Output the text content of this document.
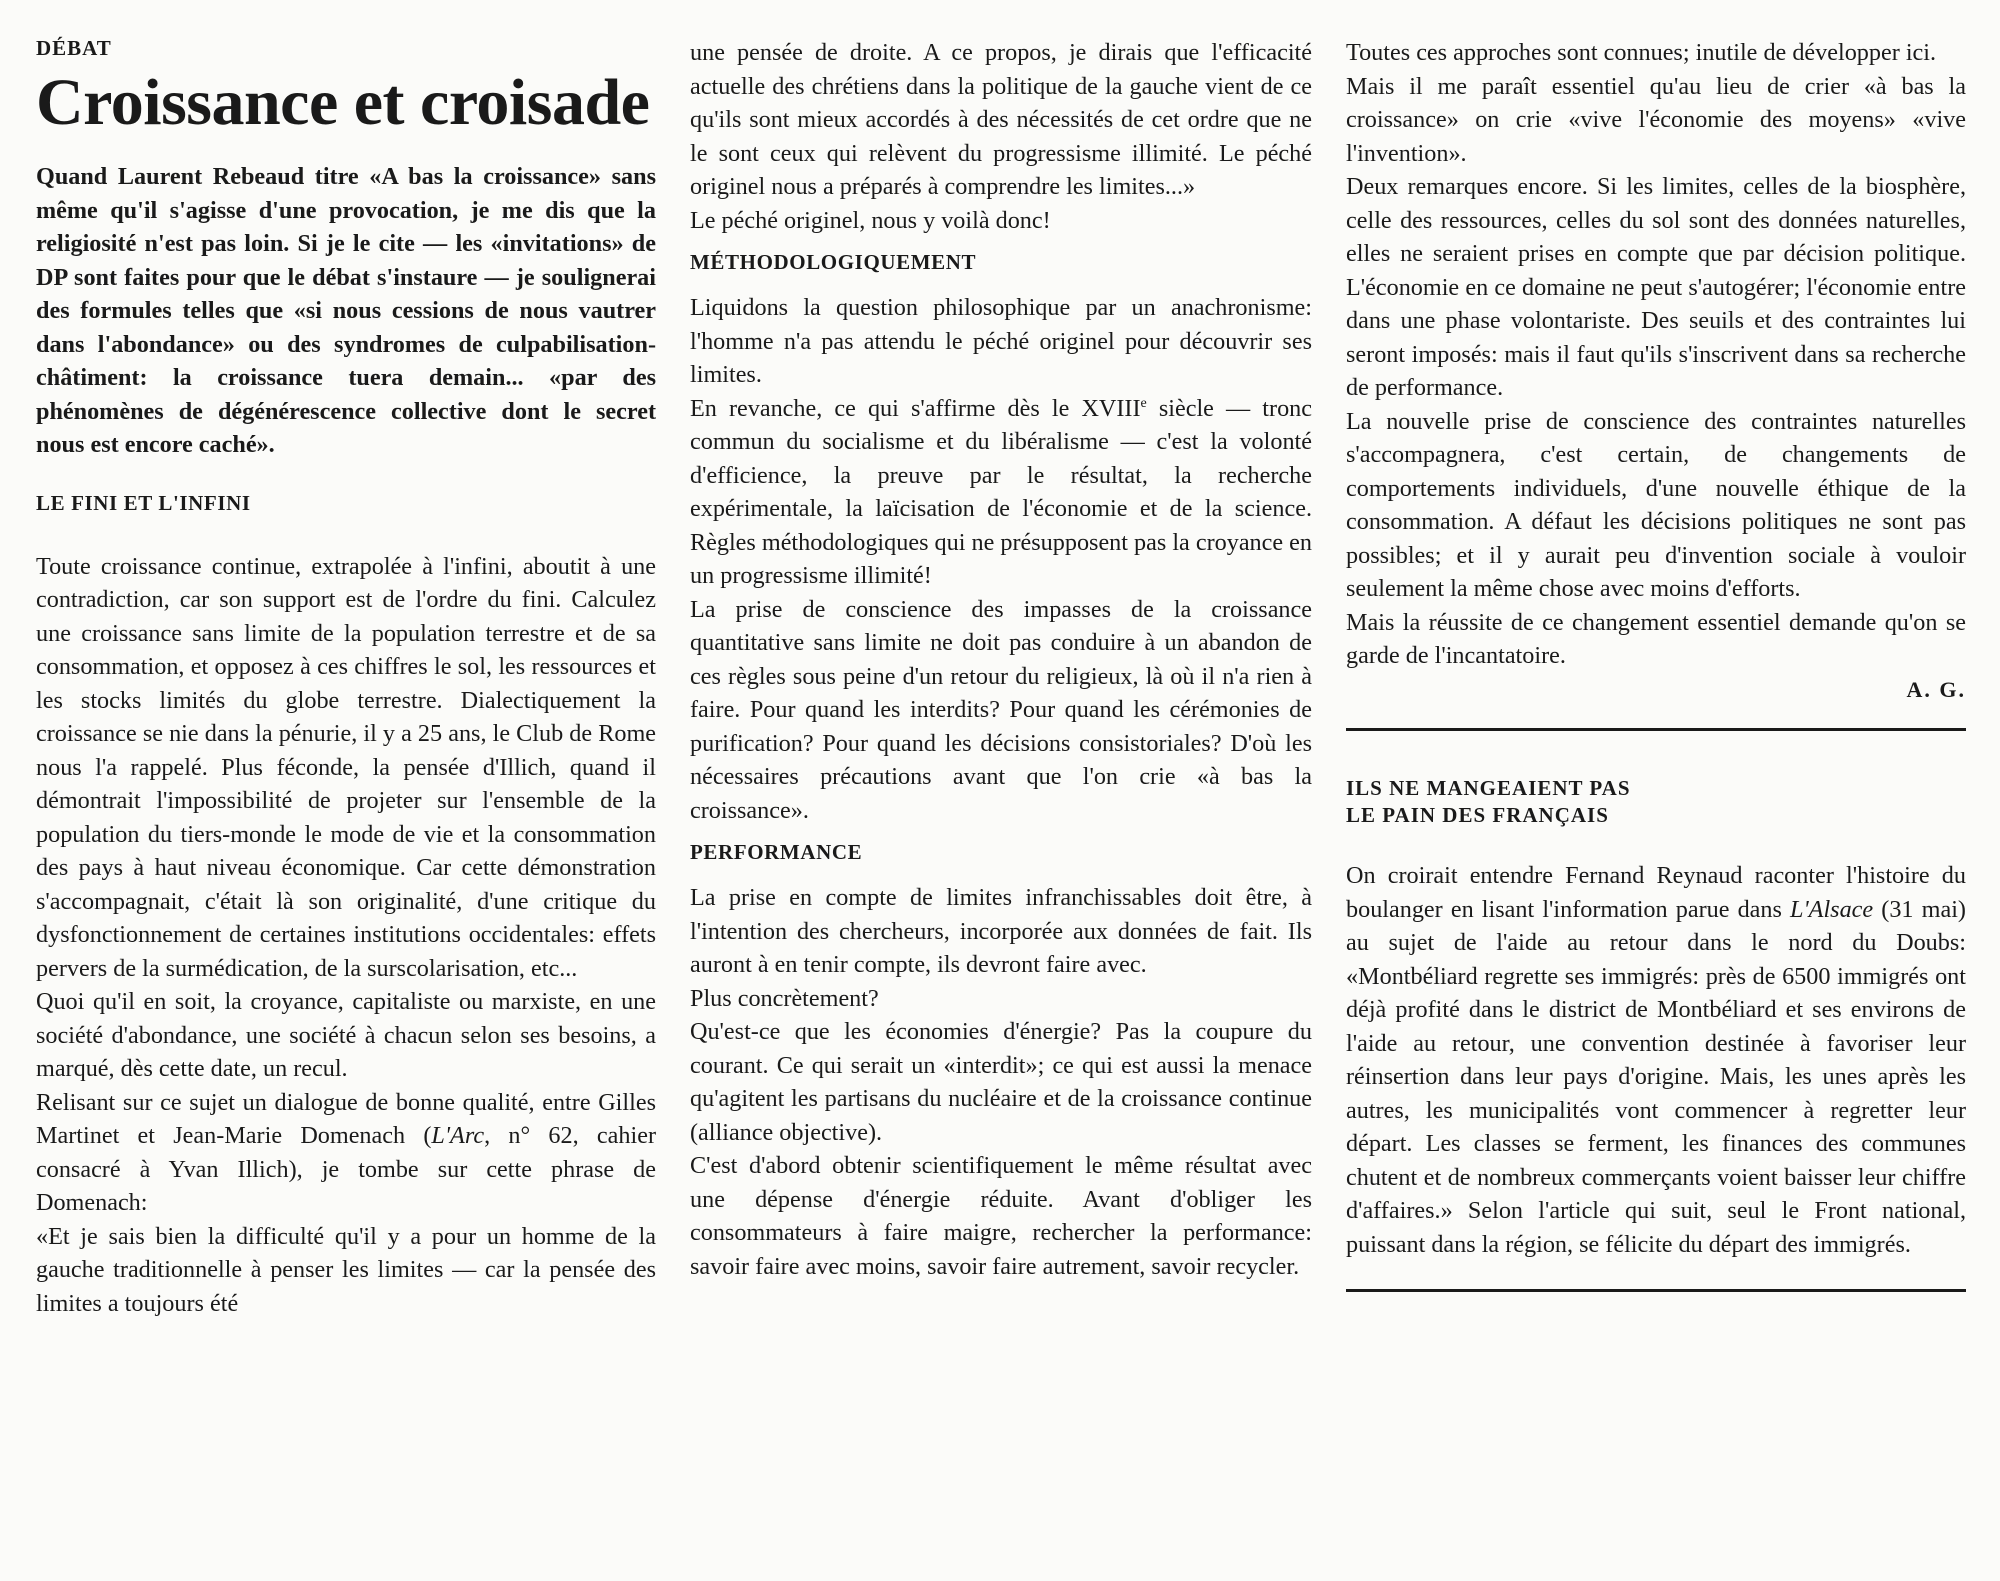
DÉBAT
Croissance et croisade

Quand Laurent Rebeaud titre «A bas la croissance» sans même qu'il s'agisse d'une provocation, je me dis que la religiosité n'est pas loin. Si je le cite — les «invitations» de DP sont faites pour que le débat s'instaure — je soulignerai des formules telles que «si nous cessions de nous vautrer dans l'abondance» ou des syndromes de culpabilisation-châtiment: la croissance tuera demain... «par des phénomènes de dégénérescence collective dont le secret nous est encore caché».

LE FINI ET L'INFINI

Toute croissance continue, extrapolée à l'infini, aboutit à une contradiction, car son support est de l'ordre du fini. Calculez une croissance sans limite de la population terrestre et de sa consommation, et opposez à ces chiffres le sol, les ressources et les stocks limités du globe terrestre. Dialectiquement la croissance se nie dans la pénurie, il y a 25 ans, le Club de Rome nous l'a rappelé. Plus féconde, la pensée d'Illich, quand il démontrait l'impossibilité de projeter sur l'ensemble de la population du tiers-monde le mode de vie et la consommation des pays à haut niveau économique. Car cette démonstration s'accompagnait, c'était là son originalité, d'une critique du dysfonctionnement de certaines institutions occidentales: effets pervers de la surmédication, de la surscolarisation, etc...

Quoi qu'il en soit, la croyance, capitaliste ou marxiste, en une société d'abondance, une société à chacun selon ses besoins, a marqué, dès cette date, un recul.

Relisant sur ce sujet un dialogue de bonne qualité, entre Gilles Martinet et Jean-Marie Domenach (L'Arc, n° 62, cahier consacré à Yvan Illich), je tombe sur cette phrase de Domenach:

«Et je sais bien la difficulté qu'il y a pour un homme de la gauche traditionnelle à penser les limites — car la pensée des limites a toujours été

une pensée de droite. A ce propos, je dirais que l'efficacité actuelle des chrétiens dans la politique de la gauche vient de ce qu'ils sont mieux accordés à des nécessités de cet ordre que ne le sont ceux qui relèvent du progressisme illimité. Le péché originel nous a préparés à comprendre les limites...»

Le péché originel, nous y voilà donc!

MÉTHODOLOGIQUEMENT

Liquidons la question philosophique par un anachronisme: l'homme n'a pas attendu le péché originel pour découvrir ses limites.

En revanche, ce qui s'affirme dès le XVIIIe siècle — tronc commun du socialisme et du libéralisme — c'est la volonté d'efficience, la preuve par le résultat, la recherche expérimentale, la laïcisation de l'économie et de la science. Règles méthodologiques qui ne présupposent pas la croyance en un progressisme illimité!

La prise de conscience des impasses de la croissance quantitative sans limite ne doit pas conduire à un abandon de ces règles sous peine d'un retour du religieux, là où il n'a rien à faire. Pour quand les interdits? Pour quand les cérémonies de purification? Pour quand les décisions consistoriales? D'où les nécessaires précautions avant que l'on crie «à bas la croissance».

PERFORMANCE

La prise en compte de limites infranchissables doit être, à l'intention des chercheurs, incorporée aux données de fait. Ils auront à en tenir compte, ils devront faire avec.

Plus concrètement?

Qu'est-ce que les économies d'énergie? Pas la coupure du courant. Ce qui serait un «interdit»; ce qui est aussi la menace qu'agitent les partisans du nucléaire et de la croissance continue (alliance objective).

C'est d'abord obtenir scientifiquement le même résultat avec une dépense d'énergie réduite. Avant d'obliger les consommateurs à faire maigre, rechercher la performance: savoir faire avec moins, savoir faire autrement, savoir recycler.

Toutes ces approches sont connues; inutile de développer ici.

Mais il me paraît essentiel qu'au lieu de crier «à bas la croissance» on crie «vive l'économie des moyens» «vive l'invention».

Deux remarques encore. Si les limites, celles de la biosphère, celle des ressources, celles du sol sont des données naturelles, elles ne seraient prises en compte que par décision politique. L'économie en ce domaine ne peut s'autogérer; l'économie entre dans une phase volontariste. Des seuils et des contraintes lui seront imposés: mais il faut qu'ils s'inscrivent dans sa recherche de performance.

La nouvelle prise de conscience des contraintes naturelles s'accompagnera, c'est certain, de changements de comportements individuels, d'une nouvelle éthique de la consommation. A défaut les décisions politiques ne sont pas possibles; et il y aurait peu d'invention sociale à vouloir seulement la même chose avec moins d'efforts.

Mais la réussite de ce changement essentiel demande qu'on se garde de l'incantatoire.

A. G.
ILS NE MANGEAIENT PAS
LE PAIN DES FRANÇAIS

On croirait entendre Fernand Reynaud raconter l'histoire du boulanger en lisant l'information parue dans L'Alsace (31 mai) au sujet de l'aide au retour dans le nord du Doubs: «Montbéliard regrette ses immigrés: près de 6500 immigrés ont déjà profité dans le district de Montbéliard et ses environs de l'aide au retour, une convention destinée à favoriser leur réinsertion dans leur pays d'origine. Mais, les unes après les autres, les municipalités vont commencer à regretter leur départ. Les classes se ferment, les finances des communes chutent et de nombreux commerçants voient baisser leur chiffre d'affaires.» Selon l'article qui suit, seul le Front national, puissant dans la région, se félicite du départ des immigrés.
